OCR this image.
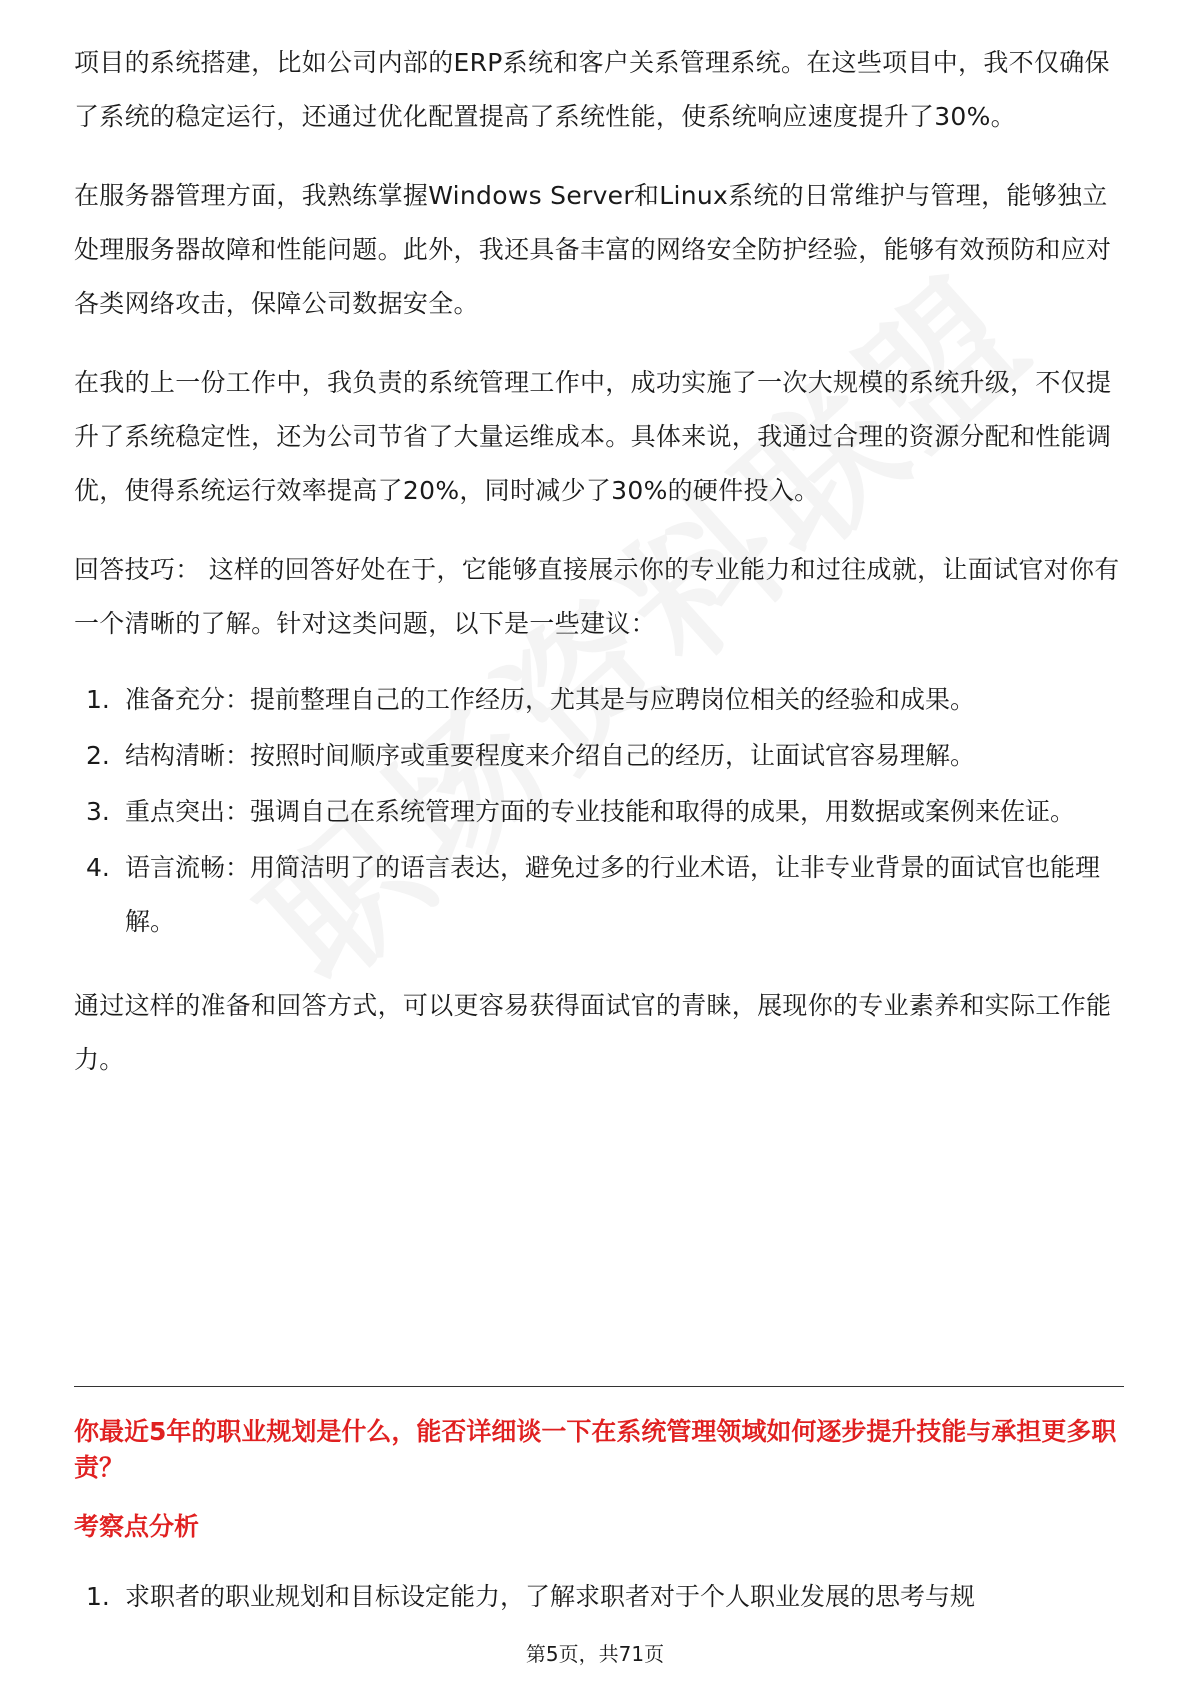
项目的系统搭建，比如公司内部的ERP系统和客户关系管理系统。在这些项目中，我不仅确保了系统的稳定运行，还通过优化配置提高了系统性能，使系统响应速度提升了30%。

在服务器管理方面，我熟练掌握Windows Server和Linux系统的日常维护与管理，能够独立处理服务器故障和性能问题。此外，我还具备丰富的网络安全防护经验，能够有效预防和应对各类网络攻击，保障公司数据安全。

在我的上一份工作中，我负责的系统管理工作中，成功实施了一次大规模的系统升级，不仅提升了系统稳定性，还为公司节省了大量运维成本。具体来说，我通过合理的资源分配和性能调优，使得系统运行效率提高了20%，同时减少了30%的硬件投入。

回答技巧： 这样的回答好处在于，它能够直接展示你的专业能力和过往成就，让面试官对你有一个清晰的了解。针对这类问题，以下是一些建议：

1. 准备充分：提前整理自己的工作经历，尤其是与应聘岗位相关的经验和成果。
2. 结构清晰：按照时间顺序或重要程度来介绍自己的经历，让面试官容易理解。
3. 重点突出：强调自己在系统管理方面的专业技能和取得的成果，用数据或案例来佐证。
4. 语言流畅：用简洁明了的语言表达，避免过多的行业术语，让非专业背景的面试官也能理解。

通过这样的准备和回答方式，可以更容易获得面试官的青睐，展现你的专业素养和实际工作能力。

你最近5年的职业规划是什么，能否详细谈一下在系统管理领域如何逐步提升技能与承担更多职责？
考察点分析
1. 求职者的职业规划和目标设定能力，了解求职者对于个人职业发展的思考与规
第5页，共71页
